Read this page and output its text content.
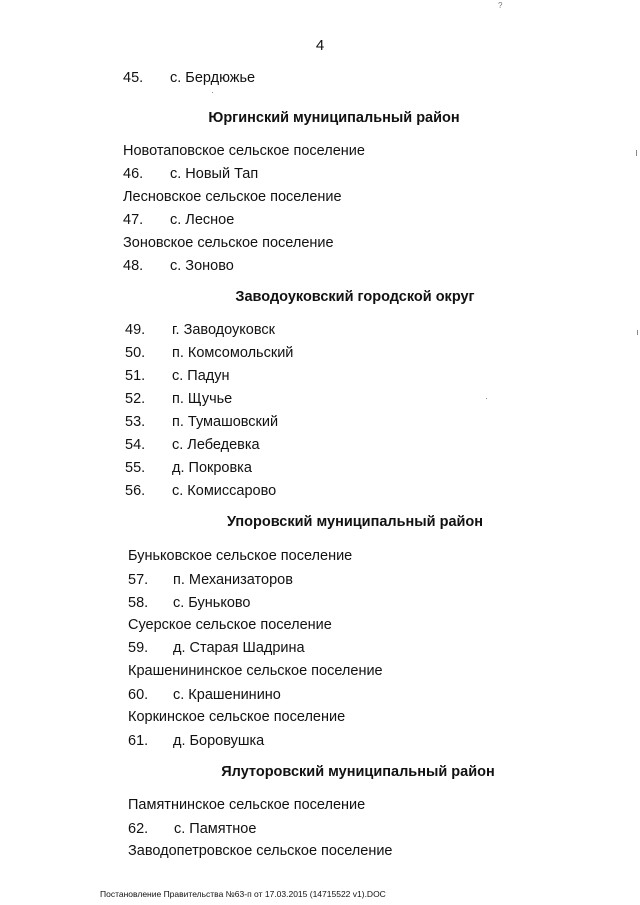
?
4
45. с. Бердюжье
Юргинский муниципальный район
Новотаповское сельское поселение
46. с. Новый Тап
Лесновское сельское поселение
47. с. Лесное
Зоновское сельское поселение
48. с. Зоново
Заводоуковский городской округ
49. г. Заводоуковск
50. п. Комсомольский
51. с. Падун
52. п. Щучье
53. п. Тумашовский
54. с. Лебедевка
55. д. Покровка
56. с. Комиссарово
Упоровский муниципальный район
Буньковское сельское поселение
57. п. Механизаторов
58. с. Буньково
Суерское сельское поселение
59. д. Старая Шадрина
Крашенининское сельское поселение
60. с. Крашенинино
Коркинское сельское поселение
61. д. Боровушка
Ялуторовский муниципальный район
Памятнинское сельское поселение
62. с. Памятное
Заводопетровское сельское поселение
Постановление Правительства №63-п от 17.03.2015 (14715522 v1).DOC
